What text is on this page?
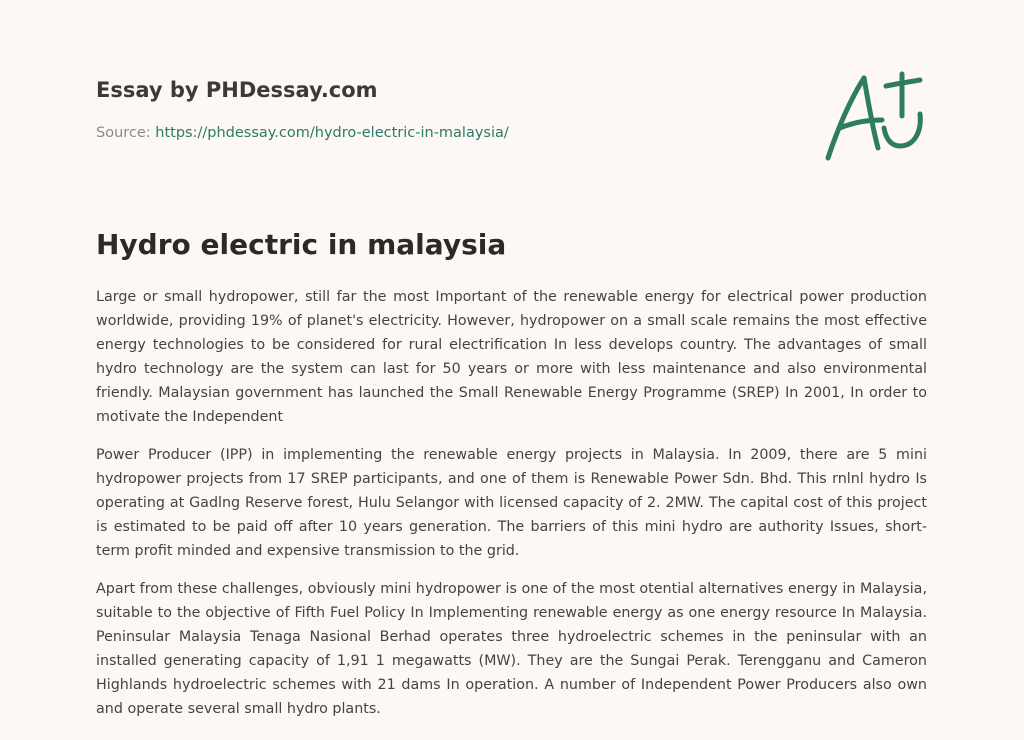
Essay by PHDessay.com
Source: https://phdessay.com/hydro-electric-in-malaysia/
Hydro electric in malaysia

Large or small hydropower, still far the most Important of the renewable energy for electrical power production worldwide, providing 19% of planet's electricity. However, hydropower on a small scale remains the most effective energy technologies to be considered for rural electrification In less develops country. The advantages of small hydro technology are the system can last for 50 years or more with less maintenance and also environmental friendly. Malaysian government has launched the Small Renewable Energy Programme (SREP) In 2001, In order to motivate the Independent

Power Producer (IPP) in implementing the renewable energy projects in Malaysia. In 2009, there are 5 mini hydropower projects from 17 SREP participants, and one of them is Renewable Power Sdn. Bhd. This rnlnl hydro Is operating at Gadlng Reserve forest, Hulu Selangor with licensed capacity of 2. 2MW. The capital cost of this project is estimated to be paid off after 10 years generation. The barriers of this mini hydro are authority Issues, short-term profit minded and expensive transmission to the grid.

Apart from these challenges, obviously mini hydropower is one of the most otential alternatives energy in Malaysia, suitable to the objective of Fifth Fuel Policy In Implementing renewable energy as one energy resource In Malaysia. Peninsular Malaysia Tenaga Nasional Berhad operates three hydroelectric schemes in the peninsular with an installed generating capacity of 1,91 1 megawatts (MW). They are the Sungai Perak. Terengganu and Cameron Highlands hydroelectric schemes with 21 dams In operation. A number of Independent Power Producers also own and operate several small hydro plants.
